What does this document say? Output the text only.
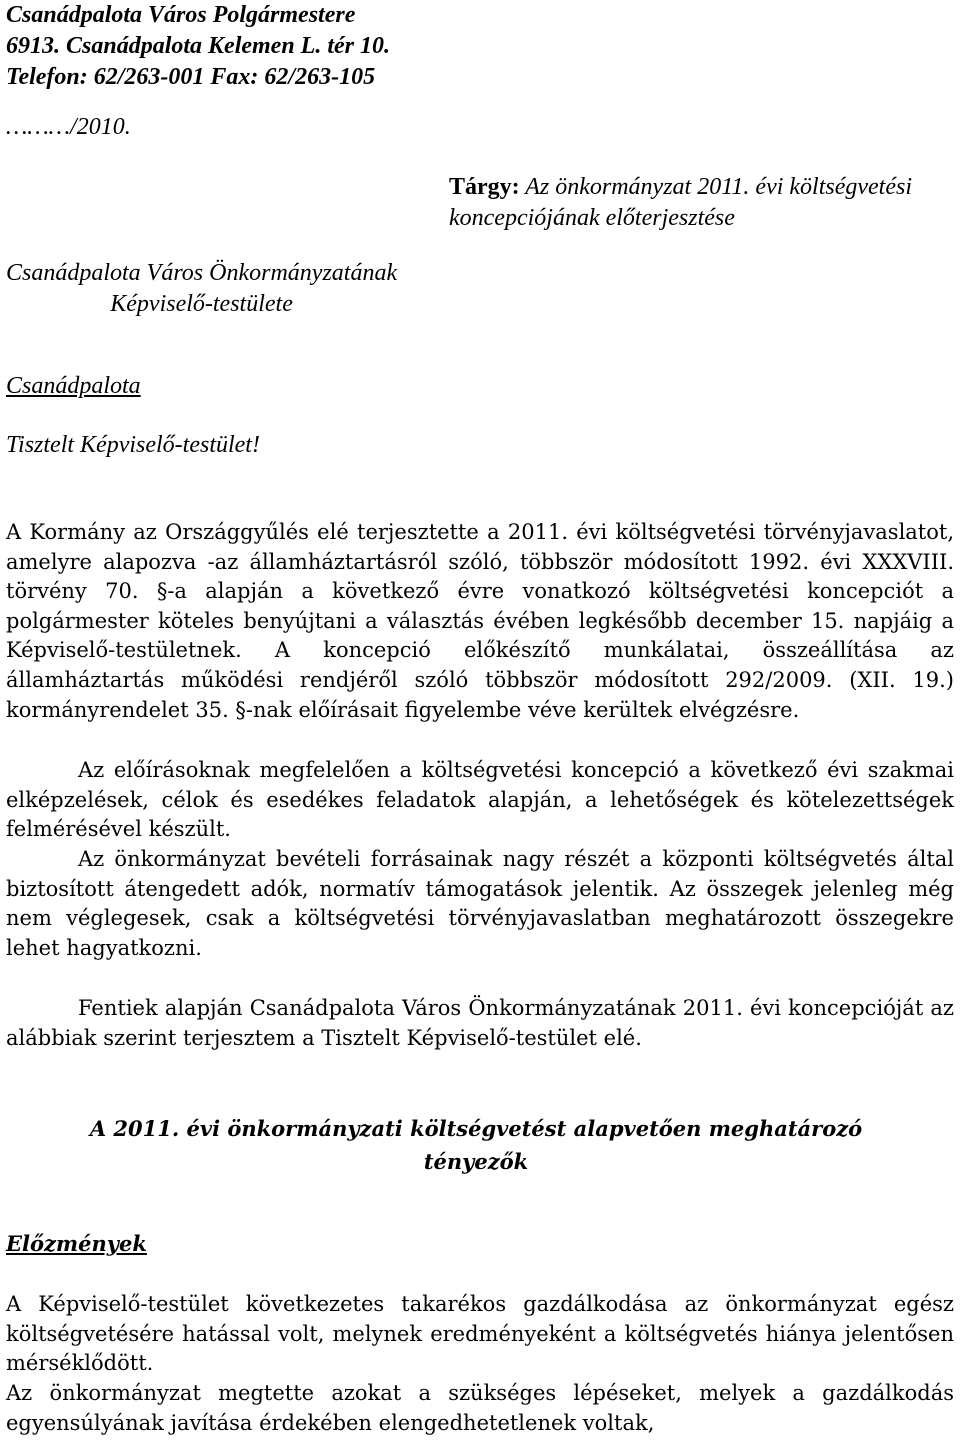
Csanádpalota Város Polgármestere
6913. Csanádpalota Kelemen L. tér 10.
Telefon: 62/263-001 Fax: 62/263-105
………/2010.
Tárgy: Az önkormányzat 2011. évi költségvetési
koncepciójának előterjesztése
Csanádpalota Város Önkormányzatának
Képviselő-testülete
Csanádpalota
Tisztelt Képviselő-testület!
A Kormány az Országgyűlés elé terjesztette a 2011. évi költségvetési törvényjavaslatot, amelyre alapozva -az államháztartásról szóló, többször módosított 1992. évi XXXVIII. törvény 70. §-a alapján a következő évre vonatkozó költségvetési koncepciót a polgármester köteles benyújtani a választás évében legkésőbb december 15. napjáig a Képviselő-testületnek. A koncepció előkészítő munkálatai, összeállítása az államháztartás működési rendjéről szóló többször módosított 292/2009. (XII. 19.) kormányrendelet 35. §-nak előírásait figyelembe véve kerültek elvégzésre.
Az előírásoknak megfelelően a költségvetési koncepció a következő évi szakmai elképzelések, célok és esedékes feladatok alapján, a lehetőségek és kötelezettségek felmérésével készült.
Az önkormányzat bevételi forrásainak nagy részét a központi költségvetés által biztosított átengedett adók, normatív támogatások jelentik. Az összegek jelenleg még nem véglegesek, csak a költségvetési törvényjavaslatban meghatározott összegekre lehet hagyatkozni.
Fentiek alapján Csanádpalota Város Önkormányzatának 2011. évi koncepcióját az alábbiak szerint terjesztem a Tisztelt Képviselő-testület elé.
A 2011. évi önkormányzati költségvetést alapvetően meghatározó
tényezők
Előzmények
A Képviselő-testület következetes takarékos gazdálkodása az önkormányzat egész költségvetésére hatással volt, melynek eredményeként a költségvetés hiánya jelentősen mérséklődött.
Az önkormányzat megtette azokat a szükséges lépéseket, melyek a gazdálkodás egyensúlyának javítása érdekében elengedhetetlenek voltak,
